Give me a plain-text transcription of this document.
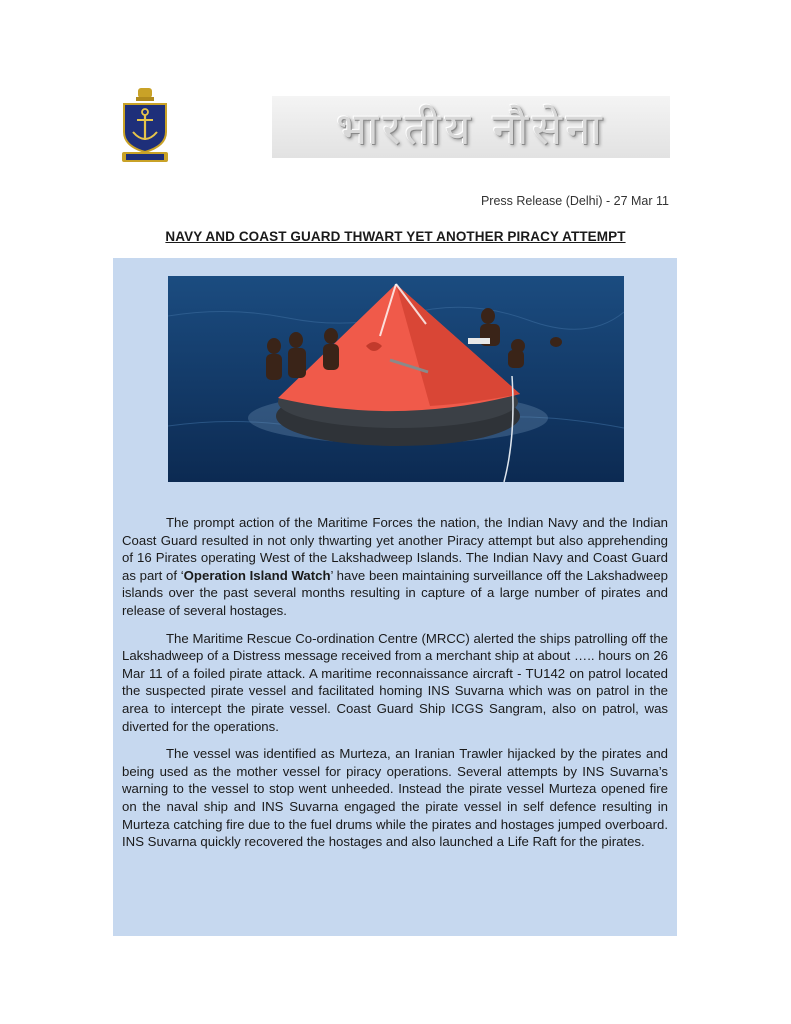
भारतीय नौसेना
Press Release (Delhi) - 27 Mar 11
NAVY AND COAST GUARD THWART YET ANOTHER PIRACY ATTEMPT

The prompt action of the Maritime Forces the nation, the Indian Navy and the Indian Coast Guard resulted in not only thwarting yet another Piracy attempt but also apprehending of 16 Pirates operating West of the Lakshadweep Islands. The Indian Navy and Coast Guard as part of ‘Operation Island Watch’ have been maintaining surveillance off the Lakshadweep islands over the past several months resulting in capture of a large number of pirates and release of several hostages.

The Maritime Rescue Co-ordination Centre (MRCC) alerted the ships patrolling off the Lakshadweep of a Distress message received from a merchant ship at about ….. hours on 26 Mar 11 of a foiled pirate attack. A maritime reconnaissance aircraft - TU142 on patrol located the suspected pirate vessel and facilitated homing INS Suvarna which was on patrol in the area to intercept the pirate vessel. Coast Guard Ship ICGS Sangram, also on patrol, was diverted for the operations.

The vessel was identified as Murteza, an Iranian Trawler hijacked by the pirates and being used as the mother vessel for piracy operations. Several attempts by INS Suvarna’s warning to the vessel to stop went unheeded. Instead the pirate vessel Murteza opened fire on the naval ship and INS Suvarna engaged the pirate vessel in self defence resulting in Murteza catching fire due to the fuel drums while the pirates and hostages jumped overboard. INS Suvarna quickly recovered the hostages and also launched a Life Raft for the pirates.
